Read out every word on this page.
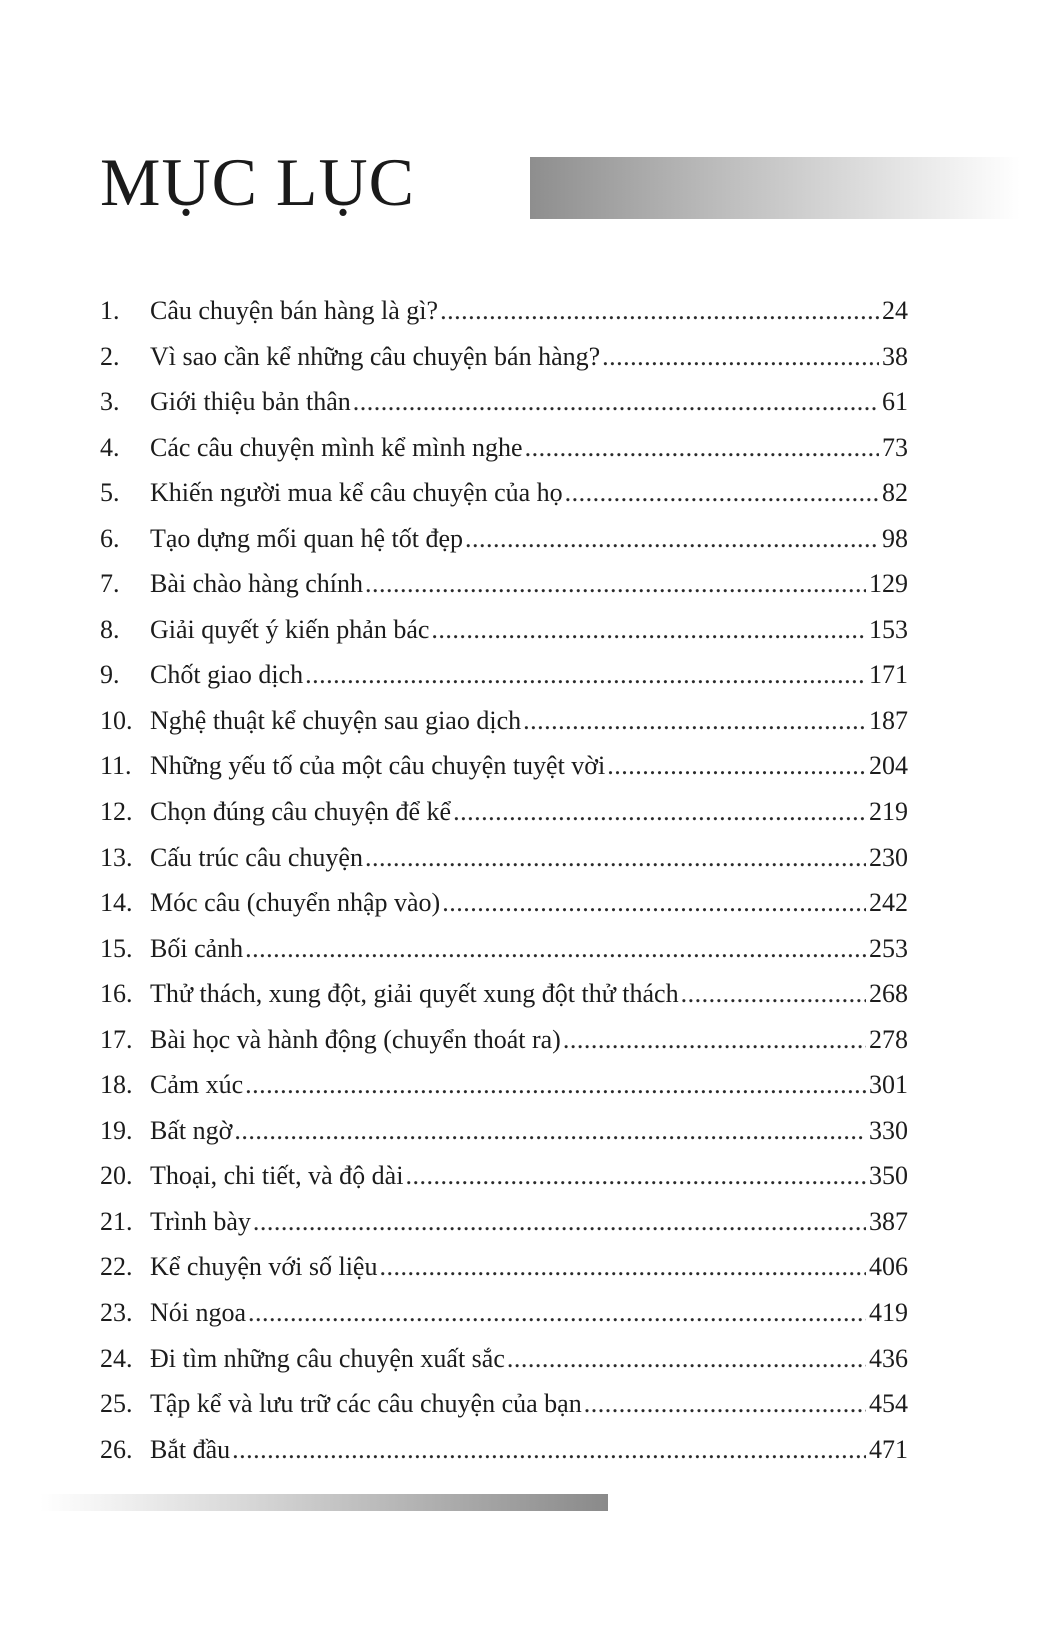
MỤC LỤC
1.	Câu chuyện bán hàng là gì? .....	24
2.	Vì sao cần kể những câu chuyện bán hàng? .....	38
3.	Giới thiệu bản thân .....	61
4.	Các câu chuyện mình kể mình nghe .....	73
5.	Khiến người mua kể câu chuyện của họ .....	82
6.	Tạo dựng mối quan hệ tốt đẹp .....	98
7.	Bài chào hàng chính .....	129
8.	Giải quyết ý kiến phản bác .....	153
9.	Chốt giao dịch .....	171
10. Nghệ thuật kể chuyện sau giao dịch .....	187
11. Những yếu tố của một câu chuyện tuyệt vời .....	204
12. Chọn đúng câu chuyện để kể .....	219
13. Cấu trúc câu chuyện .....	230
14. Móc câu (chuyển nhập vào) .....	242
15. Bối cảnh .....	253
16. Thử thách, xung đột, giải quyết xung đột thử thách .....	268
17. Bài học và hành động (chuyển thoát ra) .....	278
18. Cảm xúc .....	301
19. Bất ngờ .....	330
20. Thoại, chi tiết, và độ dài .....	350
21. Trình bày .....	387
22. Kể chuyện với số liệu .....	406
23. Nói ngoa .....	419
24. Đi tìm những câu chuyện xuất sắc .....	436
25. Tập kể và lưu trữ các câu chuyện của bạn .....	454
26. Bắt đầu .....	471
